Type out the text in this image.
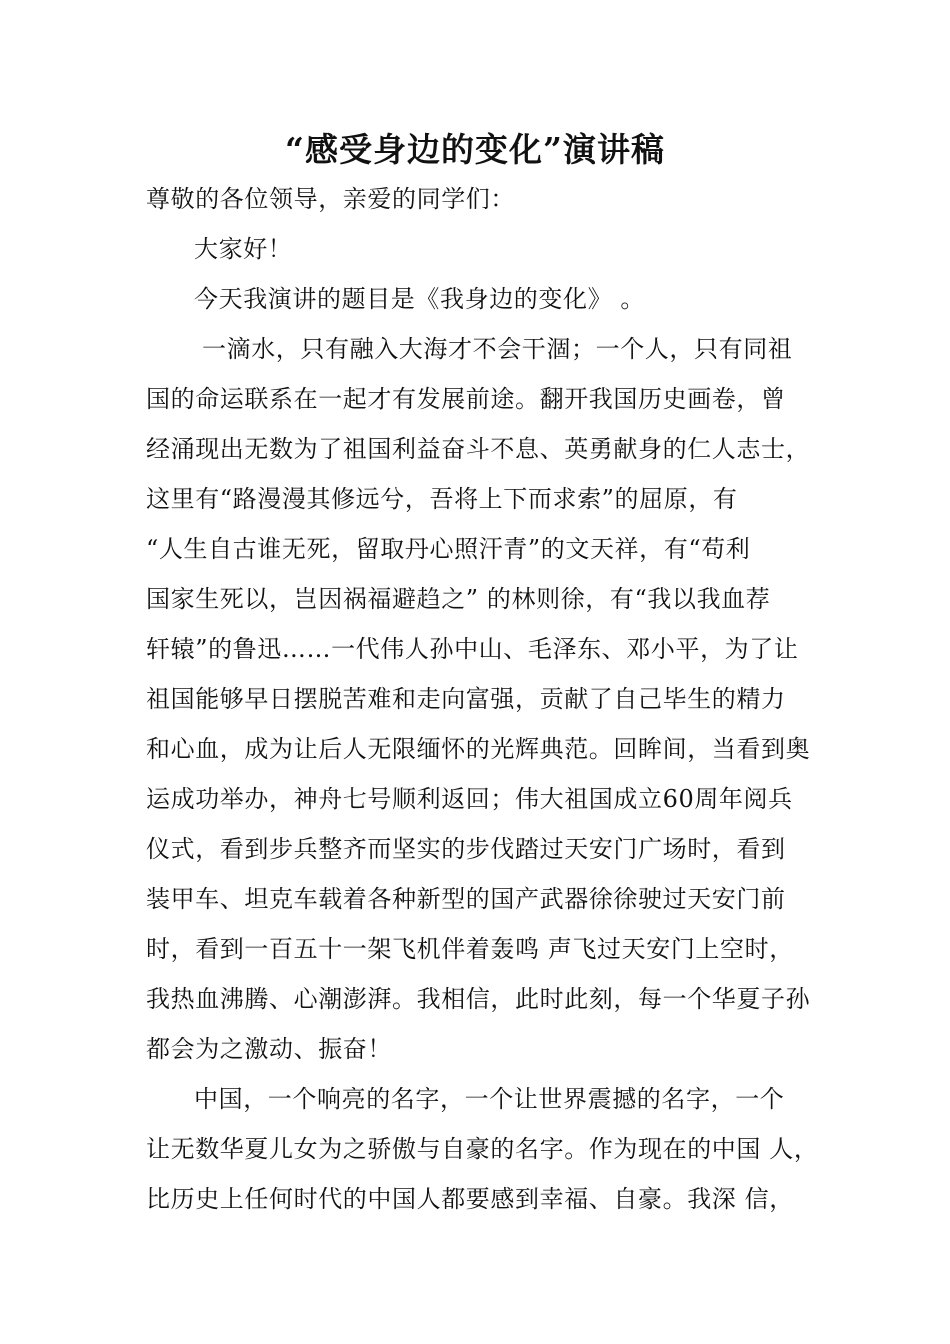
“感受身边的变化”演讲稿
尊敬的各位领导，亲爱的同学们：
大家好！
今天我演讲的题目是《我身边的变化》 。
一滴水，只有融入大海才不会干涸；一个人，只有同祖
国的命运联系在一起才有发展前途。翻开我国历史画卷，曾
经涌现出无数为了祖国利益奋斗不息、英勇献身的仁人志士，
这里有“路漫漫其修远兮，吾将上下而求索”的屈原，有
“人生自古谁无死，留取丹心照汗青”的文天祥，有“苟利
国家生死以，岂因祸福避趋之” 的林则徐，有“我以我血荐
轩辕”的鲁迅……一代伟人孙中山、毛泽东、邓小平，为了让
祖国能够早日摆脱苦难和走向富强，贡献了自己毕生的精力
和心血，成为让后人无限缅怀的光辉典范。回眸间，当看到奥
运成功举办，神舟七号顺利返回；伟大祖国成立60周年阅兵
仪式，看到步兵整齐而坚实的步伐踏过天安门广场时，看到
装甲车、坦克车载着各种新型的国产武器徐徐驶过天安门前
时，看到一百五十一架飞机伴着轰鸣 声飞过天安门上空时，
我热血沸腾、心潮澎湃。我相信，此时此刻，每一个华夏子孙
都会为之激动、振奋！
中国，一个响亮的名字，一个让世界震撼的名字，一个
让无数华夏儿女为之骄傲与自豪的名字。作为现在的中国 人，
比历史上任何时代的中国人都要感到幸福、自豪。我深 信，
